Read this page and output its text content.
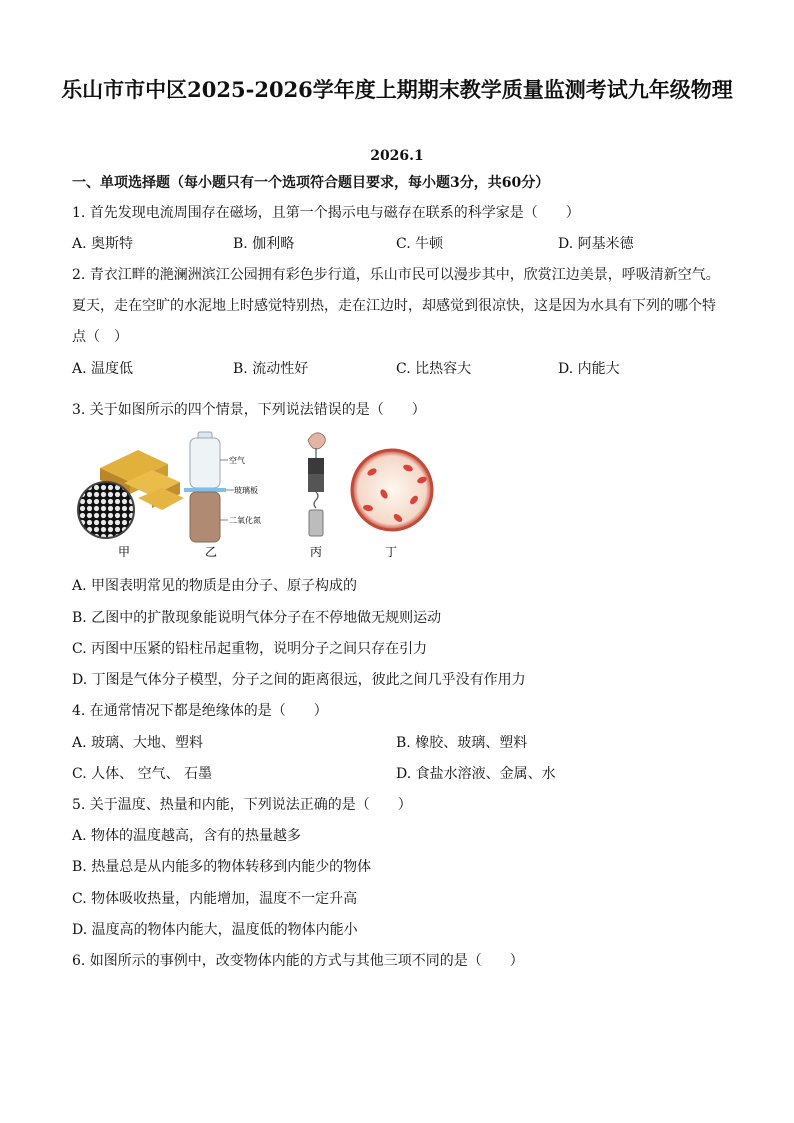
乐山市市中区2025-2026学年度上期期末教学质量监测考试九年级物理
2026.1
一、单项选择题（每小题只有一个选项符合题目要求，每小题3分，共60分）
1. 首先发现电流周围存在磁场，且第一个揭示电与磁存在联系的科学家是（　　）
A. 奥斯特	B. 伽利略	C. 牛顿	D. 阿基米德
2. 青衣江畔的滟澜洲滨江公园拥有彩色步行道，乐山市民可以漫步其中，欣赏江边美景，呼吸清新空气。
夏天，走在空旷的水泥地上时感觉特别热，走在江边时，却感觉到很凉快，这是因为水具有下列的哪个特
点（　）
A. 温度低	B. 流动性好	C. 比热容大	D. 内能大
3. 关于如图所示的四个情景，下列说法错误的是（　　）
甲
空气
玻璃板
二氧化氮
乙	丙	丁
A. 甲图表明常见的物质是由分子、原子构成的
B. 乙图中的扩散现象能说明气体分子在不停地做无规则运动
C. 丙图中压紧的铅柱吊起重物，说明分子之间只存在引力
D. 丁图是气体分子模型，分子之间的距离很远，彼此之间几乎没有作用力
4. 在通常情况下都是绝缘体的是（　　）
A. 玻璃、大地、塑料	B. 橡胶、玻璃、塑料
C. 人体、 空气、 石墨	D. 食盐水溶液、金属、水
5. 关于温度、热量和内能，下列说法正确的是（　　）
A. 物体的温度越高，含有的热量越多
B. 热量总是从内能多的物体转移到内能少的物体
C. 物体吸收热量，内能增加，温度不一定升高
D. 温度高的物体内能大，温度低的物体内能小
6. 如图所示的事例中，改变物体内能的方式与其他三项不同的是（　　）
